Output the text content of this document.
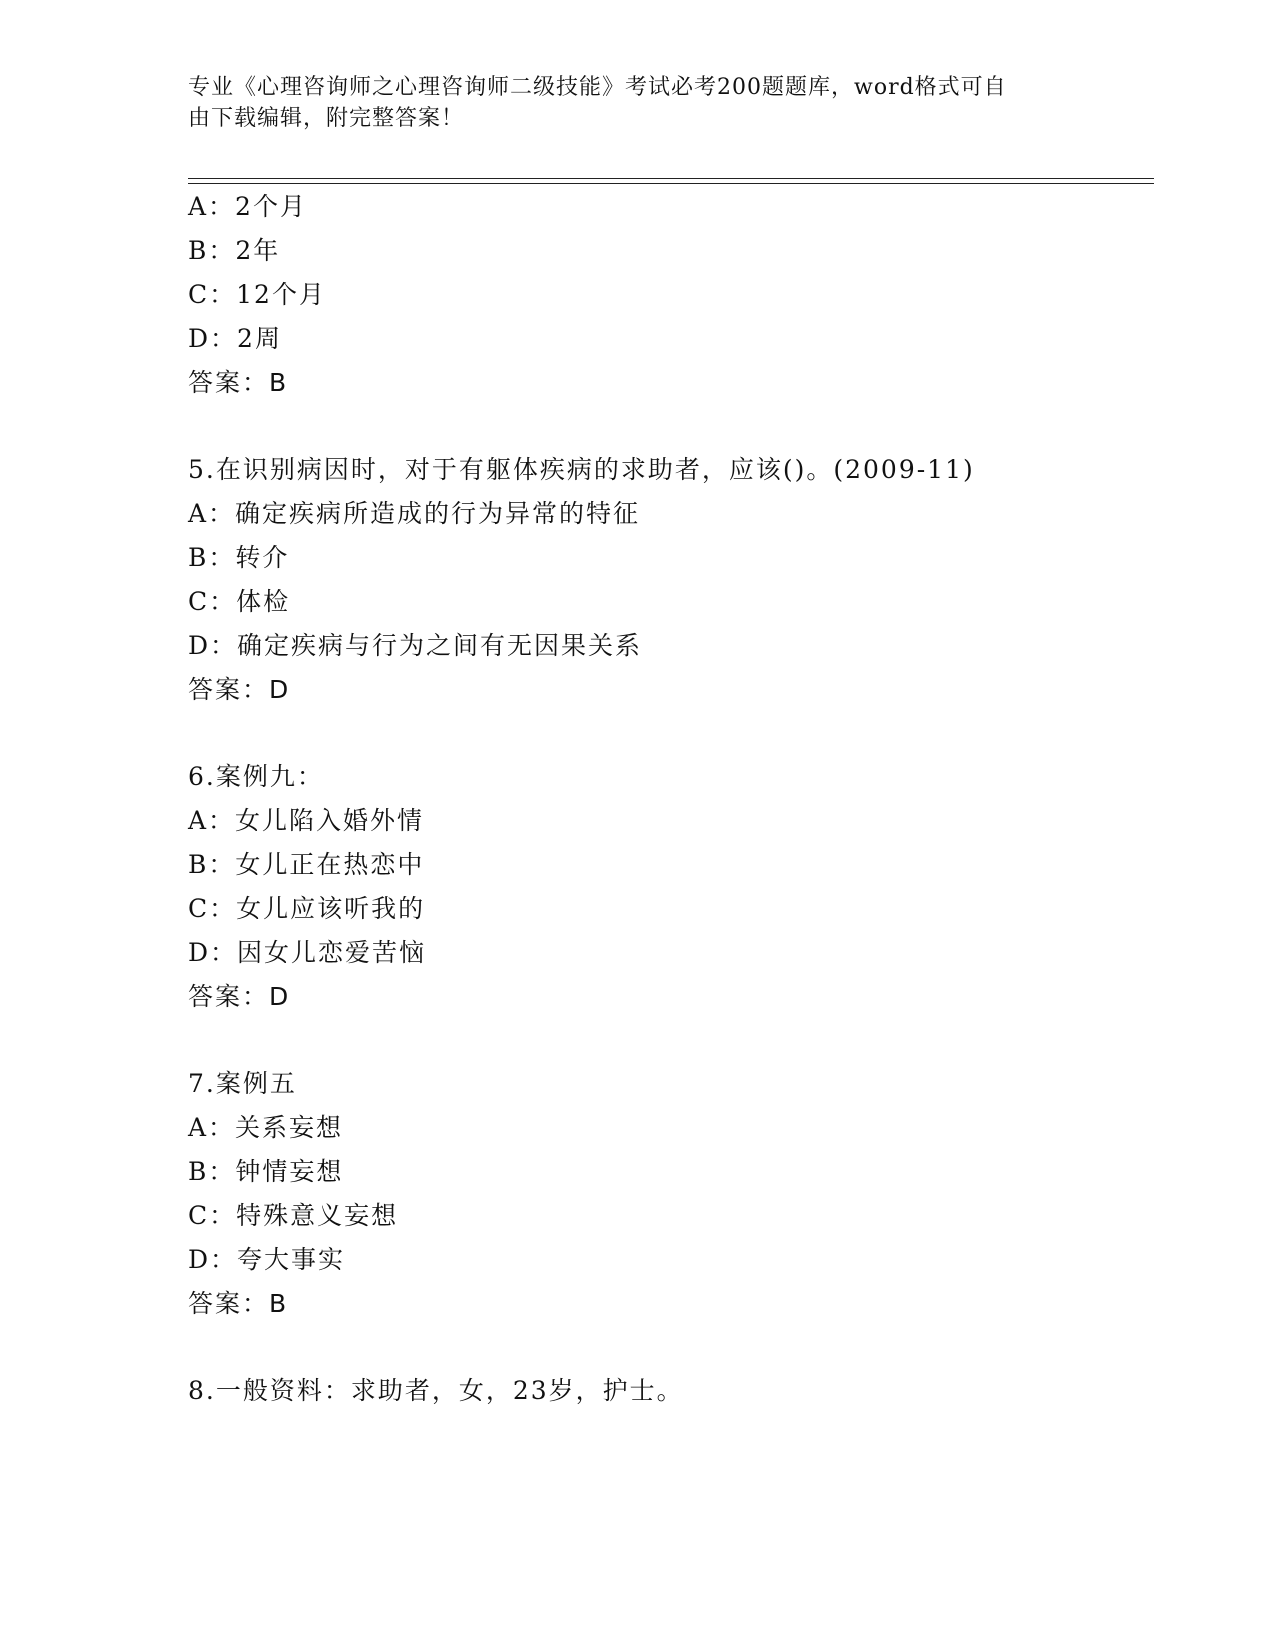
专业《心理咨询师之心理咨询师二级技能》考试必考200题题库，word格式可自
由下载编辑，附完整答案！
A：2个月
B：2年
C：12个月
D：2周
答案：B
5.在识别病因时，对于有躯体疾病的求助者，应该()。(2009-11)
A：确定疾病所造成的行为异常的特征
B：转介
C：体检
D：确定疾病与行为之间有无因果关系
答案：D
6.案例九：
A：女儿陷入婚外情
B：女儿正在热恋中
C：女儿应该听我的
D：因女儿恋爱苦恼
答案：D
7.案例五
A：关系妄想
B：钟情妄想
C：特殊意义妄想
D：夸大事实
答案：B
8.一般资料：求助者，女，23岁，护士。
